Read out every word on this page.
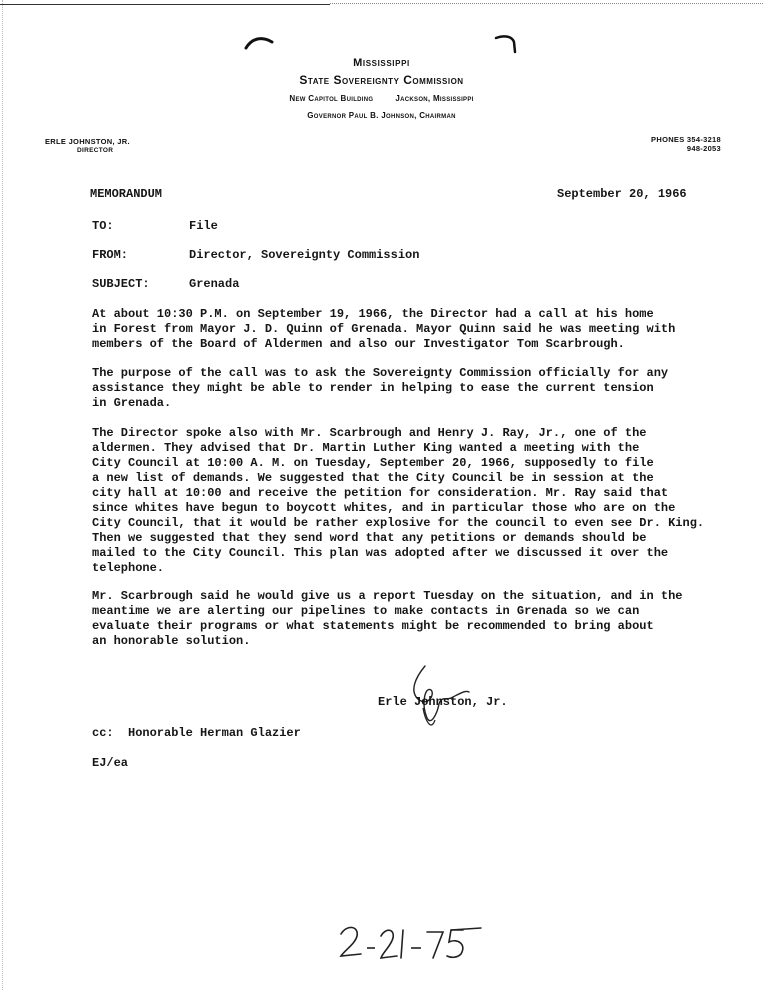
Mississippi
State Sovereignty Commission
New Capitol Building	Jackson, Mississippi
Governor Paul B. Johnson, Chairman
ERLE JOHNSTON, JR.
DIRECTOR
PHONES 354-3218
948-2053
MEMORANDUM	September 20, 1966
TO:	File
FROM:	Director, Sovereignty Commission
SUBJECT:	Grenada

At about 10:30 P.M. on September 19, 1966, the Director had a call at his home
in Forest from Mayor J. D. Quinn of Grenada. Mayor Quinn said he was meeting with
members of the Board of Aldermen and also our Investigator Tom Scarbrough.

The purpose of the call was to ask the Sovereignty Commission officially for any
assistance they might be able to render in helping to ease the current tension
in Grenada.

The Director spoke also with Mr. Scarbrough and Henry J. Ray, Jr., one of the
aldermen. They advised that Dr. Martin Luther King wanted a meeting with the
City Council at 10:00 A. M. on Tuesday, September 20, 1966, supposedly to file
a new list of demands. We suggested that the City Council be in session at the
city hall at 10:00 and receive the petition for consideration. Mr. Ray said that
since whites have begun to boycott whites, and in particular those who are on the
City Council, that it would be rather explosive for the council to even see Dr. King.
Then we suggested that they send word that any petitions or demands should be
mailed to the City Council. This plan was adopted after we discussed it over the
telephone.

Mr. Scarbrough said he would give us a report Tuesday on the situation, and in the
meantime we are alerting our pipelines to make contacts in Grenada so we can
evaluate their programs or what statements might be recommended to bring about
an honorable solution.

Erle Johnston, Jr.
cc:  Honorable Herman Glazier
EJ/ea
